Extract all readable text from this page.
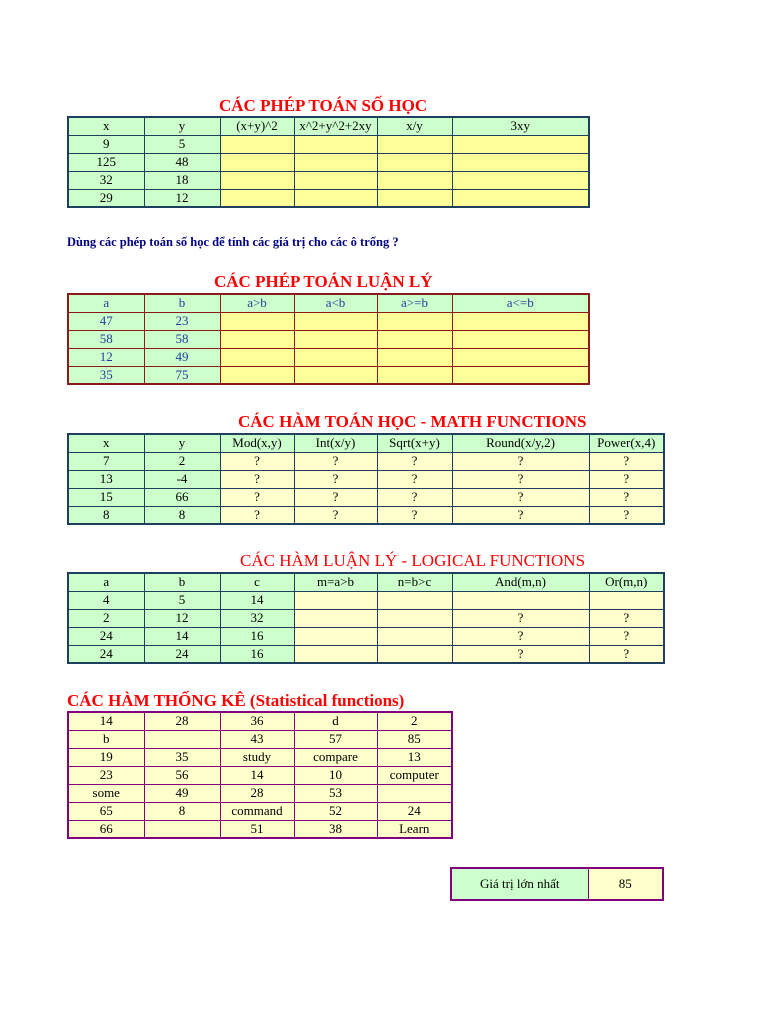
CÁC PHÉP TOÁN SỐ HỌC
x	y	(x+y)^2	x^2+y^2+2xy	x/y	3xy
9	5				
125	48				
32	18				
29	12				
Dùng các phép toán số học để tính các giá trị cho các ô trống ?
CÁC PHÉP TOÁN LUẬN LÝ
a	b	a>b	a<b	a>=b	a<=b
47	23				
58	58				
12	49				
35	75				
CÁC HÀM TOÁN HỌC - MATH FUNCTIONS
x	y	Mod(x,y)	Int(x/y)	Sqrt(x+y)	Round(x/y,2)	Power(x,4)
7	2	?	?	?	?	?
13	-4	?	?	?	?	?
15	66	?	?	?	?	?
8	8	?	?	?	?	?
CÁC HÀM LUẬN LÝ - LOGICAL FUNCTIONS
a	b	c	m=a>b	n=b>c	And(m,n)	Or(m,n)
4	5	14				
2	12	32			?	?
24	14	16			?	?
24	24	16			?	?
CÁC HÀM THỐNG KÊ (Statistical functions)
14	28	36	d	2
b		43	57	85
19	35	study	compare	13
23	56	14	10	computer
some	49	28	53	
65	8	command	52	24
66		51	38	Learn
Giá trị lớn nhất	85
